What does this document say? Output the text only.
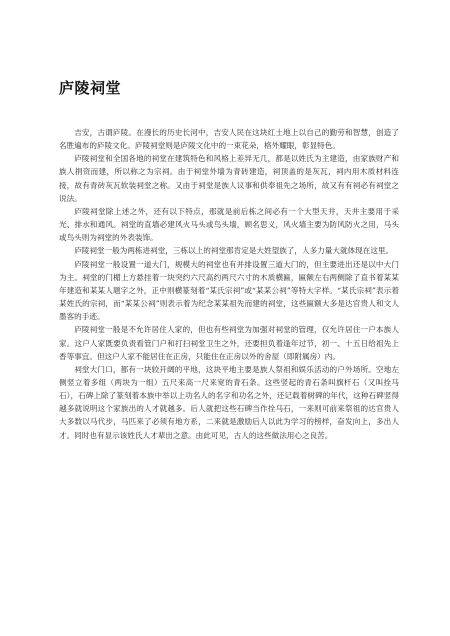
庐陵祠堂

吉安，古谓庐陵。在漫长的历史长河中，吉安人民在这块红土地上以自己的勤劳和智慧，创造了名胜遍布的庐陵文化。庐陵祠堂则是庐陵文化中的一束花朵，格外耀眼，彰显特色。

庐陵祠堂和全国各地的祠堂在建筑特色和风格上差异无几，都是以姓氏为主建造，由家族财产和族人捐资而建，所以称之为宗祠。由于祠堂外墙为青砖建造，祠顶盖的是灰瓦，祠内用木质材料连接，故有青砖灰瓦软装祠堂之称。又由于祠堂是族人议事和供奉祖先之场所，故又有有祠必有祠堂之说法。

庐陵祠堂除上述之外，还有以下特点，那就是前后栋之间必有一个大型天井，天井主要用于采光、排水和通风。祠堂的直墙必建风火马头或鸟头墙，顾名思义，风火墙主要为防风防火之用，马头或鸟头则为祠堂的外表装饰。

庐陵祠堂一般为两栋进祠堂，三栋以上的祠堂那肯定是大姓望族了，人多力量大就体现在这里。

庐陵祠堂一般设置一道大门，规模大的祠堂也有并排设置三道大门的，但主要进出还是以中大门为主。祠堂的门楣上方悬挂着一块突约六尺高约两尺六寸的木质横匾，匾额左右两侧除了直书着某某年建造和某某人题字之外，正中则横篆刻着“某氏宗祠”或“某某公祠”等特大字样。“某氏宗祠”表示着某姓氏的宗祠，而“某某公祠”则表示着为纪念某某祖先而建的祠堂，这些匾额大多是达官贵人和文人墨客的手迹。

庐陵祠堂一般是不允许居住人家的，但也有些祠堂为加强对祠堂的管理，仅允许居住一户本族人家。这户人家既要负责看管门户和打扫祠堂卫生之外，还要担负着逢年过节，初一、十五日给祖先上香等事宜。但这户人家不能居住在正房，只能住在正房以外的舍屋（即附属房）内。

祠堂大门口，都有一块较开阔的平地，这块平地主要是族人祭祖和娱乐活动的户外场所。空地左侧竖立着多组（两块为一组）五尺来高一尺来宽的青石条。这些竖起的青石条叫旗杆石（又叫拴马石），石碑上除了篆刻着本族中举以上功名人的名字和功名之外，还记载着树碑的年代，这种石碑竖得越多就说明这个家族出的人才就越多。后人就把这些石碑当作拴马石，一来则可前来祭祖的达官贵人大多数以马代步，马匹来了必须有地方系，二来就是激励后人以此为学习的榜样，奋发向上，多出人才。同时也有显示该姓氏人才辈出之意。由此可见，古人的这些做法用心之良苦。
